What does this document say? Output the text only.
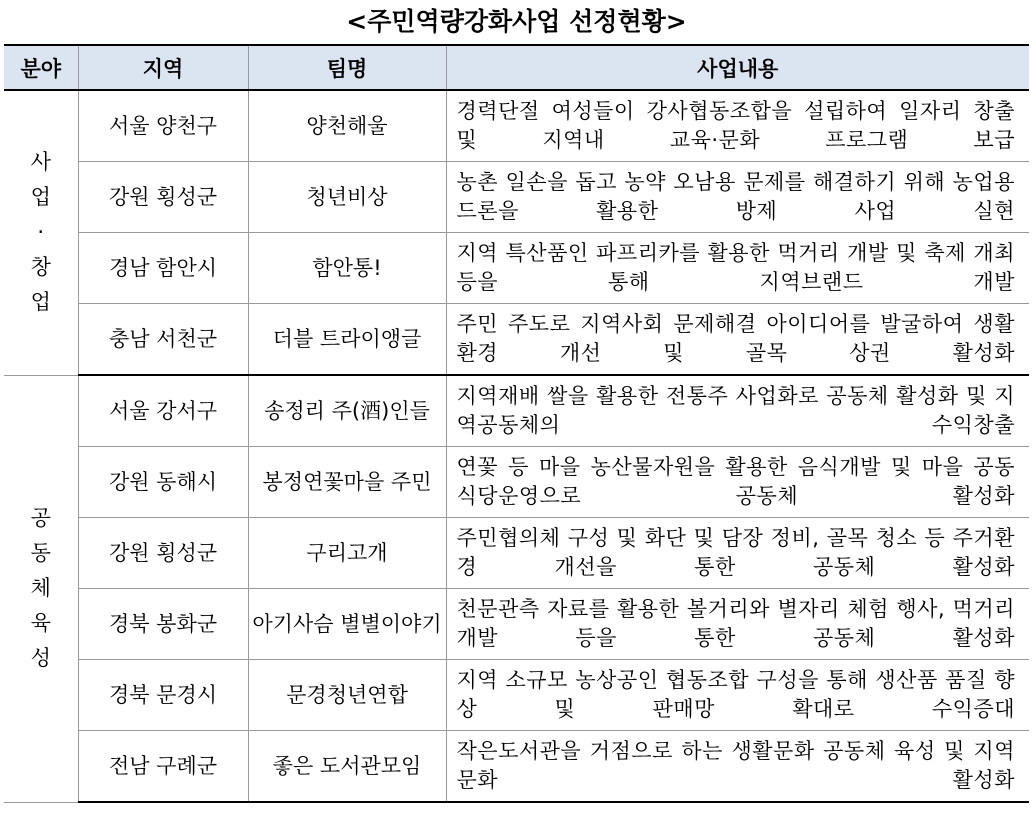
<주민역량강화사업 선정현황>
분야	지역	팀명	사업내용

사업·창업	서울 양천구	양천해울	경력단절 여성들이 강사협동조합을 설립하여 일자리 창출 및 지역내 교육·문화 프로그램 보급
	강원 횡성군	청년비상	농촌 일손을 돕고 농약 오남용 문제를 해결하기 위해 농업용 드론을 활용한 방제 사업 실현
	경남 함안시	함안통!	지역 특산품인 파프리카를 활용한 먹거리 개발 및 축제 개최 등을 통해 지역브랜드 개발
	충남 서천군	더블 트라이앵글	주민 주도로 지역사회 문제해결 아이디어를 발굴하여 생활환경 개선 및 골목 상권 활성화

공동체육성	서울 강서구	송정리 주(酒)인들	지역재배 쌀을 활용한 전통주 사업화로 공동체 활성화 및 지역공동체의 수익창출
	강원 동해시	봉정연꽃마을 주민	연꽃 등 마을 농산물자원을 활용한 음식개발 및 마을 공동 식당운영으로 공동체 활성화
	강원 횡성군	구리고개	주민협의체 구성 및 화단 및 담장 정비, 골목 청소 등 주거환경 개선을 통한 공동체 활성화
	경북 봉화군	아기사슴 별별이야기	천문관측 자료를 활용한 볼거리와 별자리 체험 행사, 먹거리 개발 등을 통한 공동체 활성화
	경북 문경시	문경청년연합	지역 소규모 농상공인 협동조합 구성을 통해 생산품 품질 향상 및 판매망 확대로 수익증대
	전남 구례군	좋은 도서관모임	작은도서관을 거점으로 하는 생활문화 공동체 육성 및 지역문화 활성화
